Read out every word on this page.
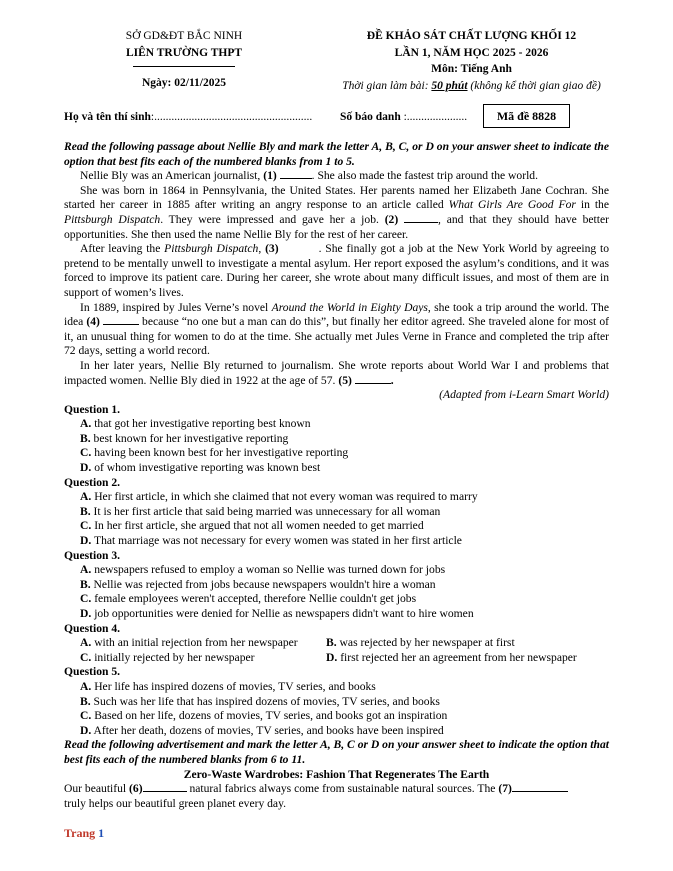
SỞ GD&ĐT BẮC NINH
LIÊN TRƯỜNG THPT
Ngày: 02/11/2025
ĐỀ KHẢO SÁT CHẤT LƯỢNG KHỐI 12
LẦN 1, NĂM HỌC 2025 - 2026
Môn: Tiếng Anh
Thời gian làm bài: 50 phút (không kể thời gian giao đề)
Họ và tên thí sinh:....................................................... Số báo danh :.....................	Mã đề 8828
Read the following passage about Nellie Bly and mark the letter A, B, C, or D on your answer sheet to indicate the option that best fits each of the numbered blanks from 1 to 5.

Nellie Bly was an American journalist, (1)	. She also made the fastest trip around the world.

She was born in 1864 in Pennsylvania, the United States. Her parents named her Elizabeth Jane Cochran. She started her career in 1885 after writing an angry response to an article called What Girls Are Good For in the Pittsburgh Dispatch. They were impressed and gave her a job. (2)	, and that they should have better opportunities. She then used the name Nellie Bly for the rest of her career.

After leaving the Pittsburgh Dispatch, (3)	. She finally got a job at the New York World by agreeing to pretend to be mentally unwell to investigate a mental asylum. Her report exposed the asylum’s conditions, and it was forced to improve its patient care. During her career, she wrote about many difficult issues, and most of them are in support of women’s lives.

In 1889, inspired by Jules Verne’s novel Around the World in Eighty Days, she took a trip around the world. The idea (4)	because “no one but a man can do this”, but finally her editor agreed. She traveled alone for most of it, an unusual thing for women to do at the time. She actually met Jules Verne in France and completed the trip after 72 days, setting a world record.

In her later years, Nellie Bly returned to journalism. She wrote reports about World War I and problems that impacted women. Nellie Bly died in 1922 at the age of 57. (5)	.

(Adapted from i-Learn Smart World)
Question 1.
A. that got her investigative reporting best known
B. best known for her investigative reporting
C. having been known best for her investigative reporting
D. of whom investigative reporting was known best
Question 2.
A. Her first article, in which she claimed that not every woman was required to marry
B. It is her first article that said being married was unnecessary for all woman
C. In her first article, she argued that not all women needed to get married
D. That marriage was not necessary for every women was stated in her first article
Question 3.
A. newspapers refused to employ a woman so Nellie was turned down for jobs
B. Nellie was rejected from jobs because newspapers wouldn't hire a woman
C. female employees weren't accepted, therefore Nellie couldn't get jobs
D. job opportunities were denied for Nellie as newspapers didn't want to hire women
Question 4.
A. with an initial rejection from her newspaper	B. was rejected by her newspaper at first
C. initially rejected by her newspaper	D. first rejected her an agreement from her newspaper
Question 5.
A. Her life has inspired dozens of movies, TV series, and books
B. Such was her life that has inspired dozens of movies, TV series, and books
C. Based on her life, dozens of movies, TV series, and books got an inspiration
D. After her death, dozens of movies, TV series, and books have been inspired
Read the following advertisement and mark the letter A, B, C or D on your answer sheet to indicate the option that best fits each of the numbered blanks from 6 to 11.
Zero-Waste Wardrobes: Fashion That Regenerates The Earth
Our beautiful (6)	natural fabrics always come from sustainable natural sources. The (7)
truly helps our beautiful green planet every day.
Trang 1
